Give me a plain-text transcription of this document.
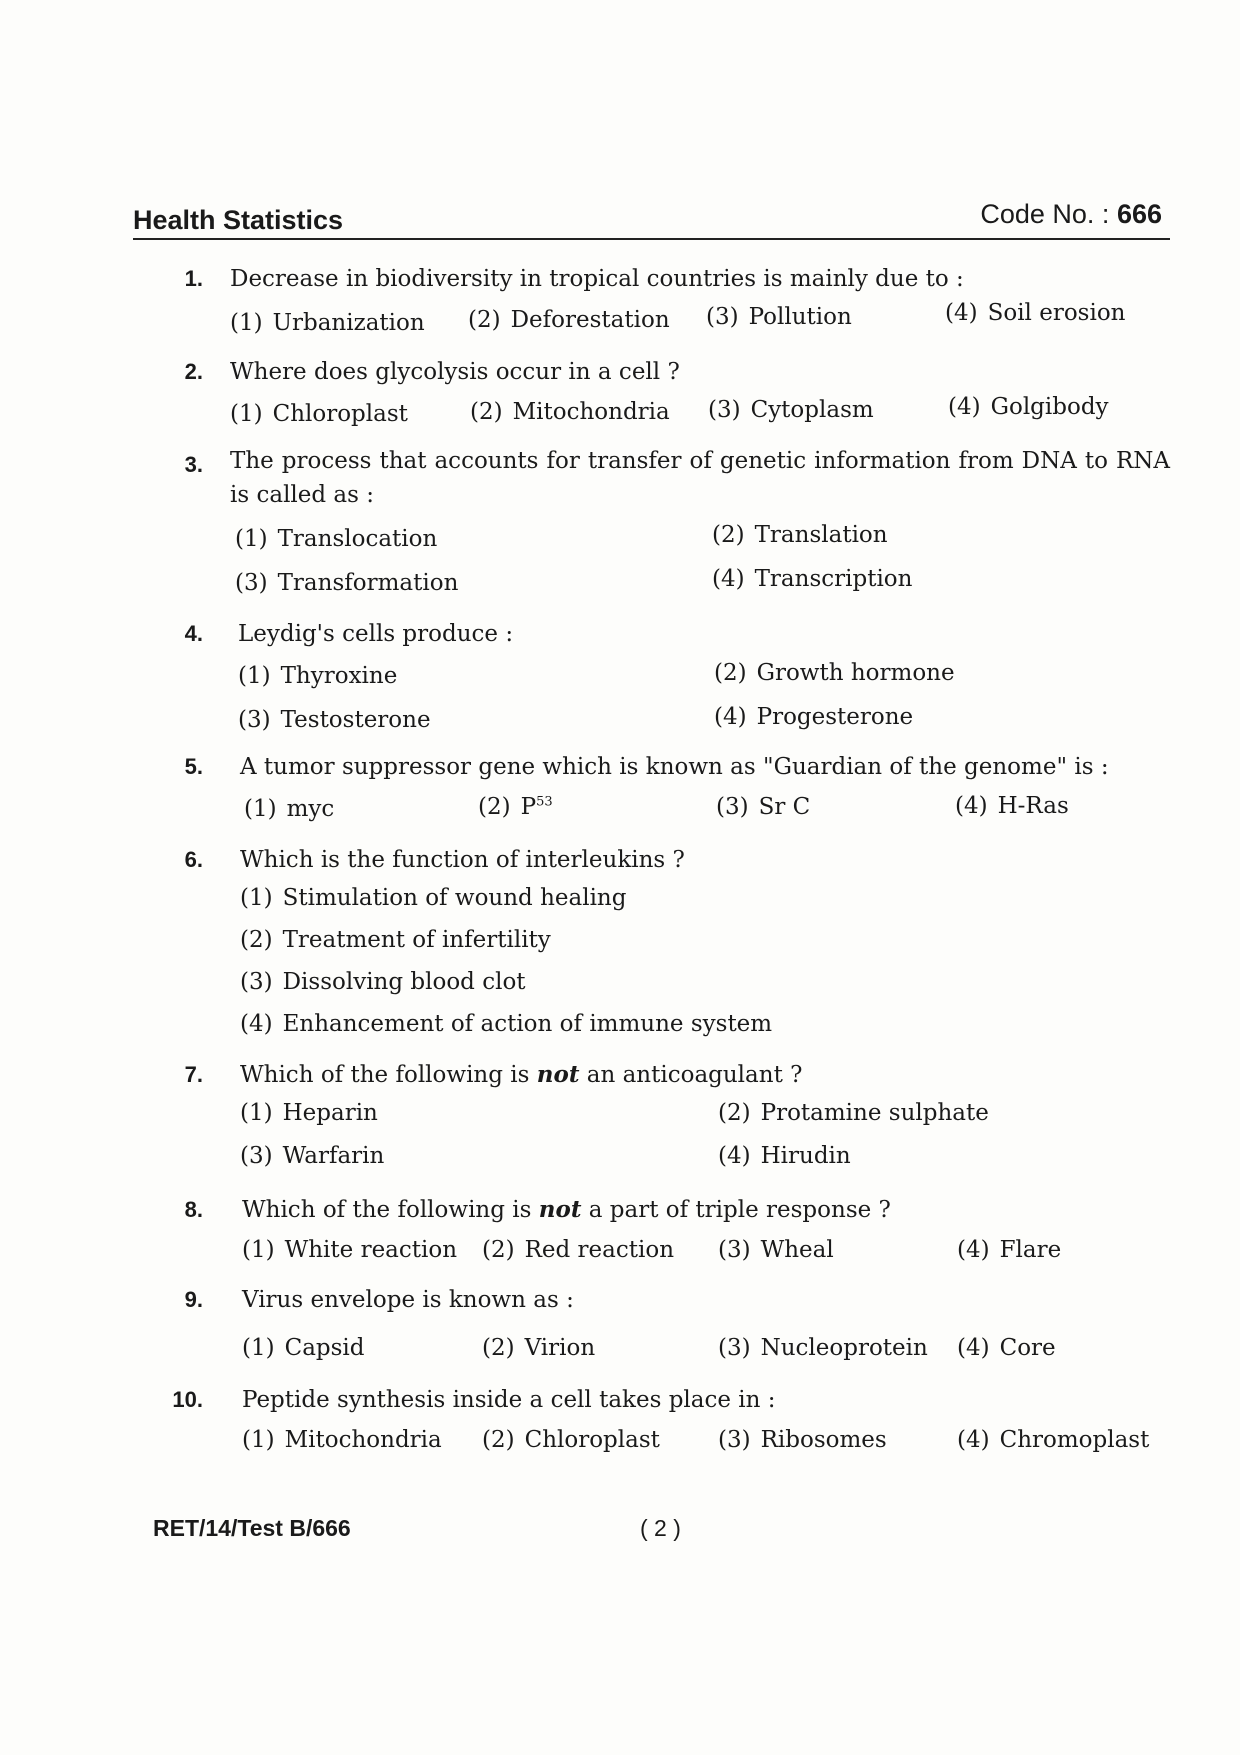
Health Statistics	Code No. : 666
1. Decrease in biodiversity in tropical countries is mainly due to :
(1) Urbanization (2) Deforestation (3) Pollution	(4) Soil erosion
2. Where does glycolysis occur in a cell ?
(1) Chloroplast	(2) Mitochondria (3) Cytoplasm	(4) Golgibody
3. The process that accounts for transfer of genetic information from DNA to RNA is called as :
(1) Translocation	(2) Translation
(3) Transformation	(4) Transcription
4. Leydig's cells produce :
(1) Thyroxine	(2) Growth hormone
(3) Testosterone	(4) Progesterone
5. A tumor suppressor gene which is known as "Guardian of the genome" is :
(1) myc	(2) $P^{53}$	(3) Sr C	(4) H-Ras
6. Which is the function of interleukins ?
(1) Stimulation of wound healing
(2) Treatment of infertility
(3) Dissolving blood clot
(4) Enhancement of action of immune system
7. Which of the following is not an anticoagulant ?
(1) Heparin	(2) Protamine sulphate
(3) Warfarin	(4) Hirudin
8. Which of the following is not a part of triple response ?
(1) White reaction (2) Red reaction (3) Wheal	(4) Flare
9. Virus envelope is known as :
(1) Capsid	(2) Virion	(3) Nucleoprotein (4) Core
10. Peptide synthesis inside a cell takes place in :
(1) Mitochondria (2) Chloroplast	(3) Ribosomes	(4) Chromoplast
RET/14/Test B/666	( 2 )
